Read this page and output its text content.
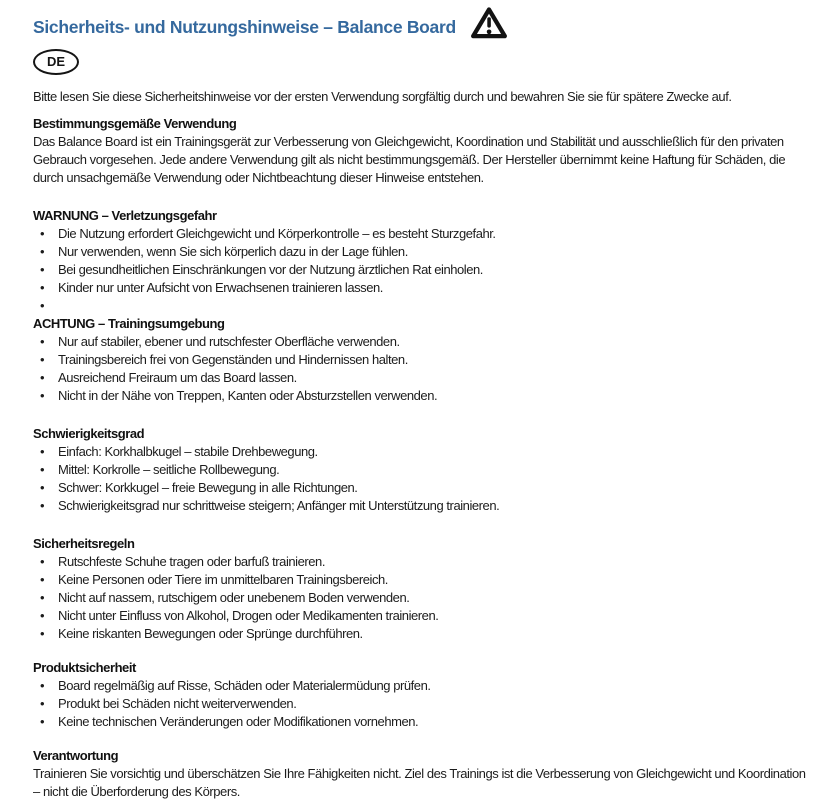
Sicherheits- und Nutzungshinweise – Balance Board
DE

Bitte lesen Sie diese Sicherheitshinweise vor der ersten Verwendung sorgfältig durch und bewahren Sie sie für spätere Zwecke auf.

Bestimmungsgemäße Verwendung

Das Balance Board ist ein Trainingsgerät zur Verbesserung von Gleichgewicht, Koordination und Stabilität und ausschließlich für den privaten Gebrauch vorgesehen. Jede andere Verwendung gilt als nicht bestimmungsgemäß. Der Hersteller übernimmt keine Haftung für Schäden, die durch unsachgemäße Verwendung oder Nichtbeachtung dieser Hinweise entstehen.

WARNUNG – Verletzungsgefahr
• Die Nutzung erfordert Gleichgewicht und Körperkontrolle – es besteht Sturzgefahr.
• Nur verwenden, wenn Sie sich körperlich dazu in der Lage fühlen.
• Bei gesundheitlichen Einschränkungen vor der Nutzung ärztlichen Rat einholen.
• Kinder nur unter Aufsicht von Erwachsenen trainieren lassen.
•
ACHTUNG – Trainingsumgebung
• Nur auf stabiler, ebener und rutschfester Oberfläche verwenden.
• Trainingsbereich frei von Gegenständen und Hindernissen halten.
• Ausreichend Freiraum um das Board lassen.
• Nicht in der Nähe von Treppen, Kanten oder Absturzstellen verwenden.
Schwierigkeitsgrad
• Einfach: Korkhalbkugel – stabile Drehbewegung.
• Mittel: Korkrolle – seitliche Rollbewegung.
• Schwer: Korkkugel – freie Bewegung in alle Richtungen.
• Schwierigkeitsgrad nur schrittweise steigern; Anfänger mit Unterstützung trainieren.
Sicherheitsregeln
• Rutschfeste Schuhe tragen oder barfuß trainieren.
• Keine Personen oder Tiere im unmittelbaren Trainingsbereich.
• Nicht auf nassem, rutschigem oder unebenem Boden verwenden.
• Nicht unter Einfluss von Alkohol, Drogen oder Medikamenten trainieren.
• Keine riskanten Bewegungen oder Sprünge durchführen.
Produktsicherheit
• Board regelmäßig auf Risse, Schäden oder Materialermüdung prüfen.
• Produkt bei Schäden nicht weiterverwenden.
• Keine technischen Veränderungen oder Modifikationen vornehmen.
Verantwortung

Trainieren Sie vorsichtig und überschätzen Sie Ihre Fähigkeiten nicht. Ziel des Trainings ist die Verbesserung von Gleichgewicht und Koordination – nicht die Überforderung des Körpers.
